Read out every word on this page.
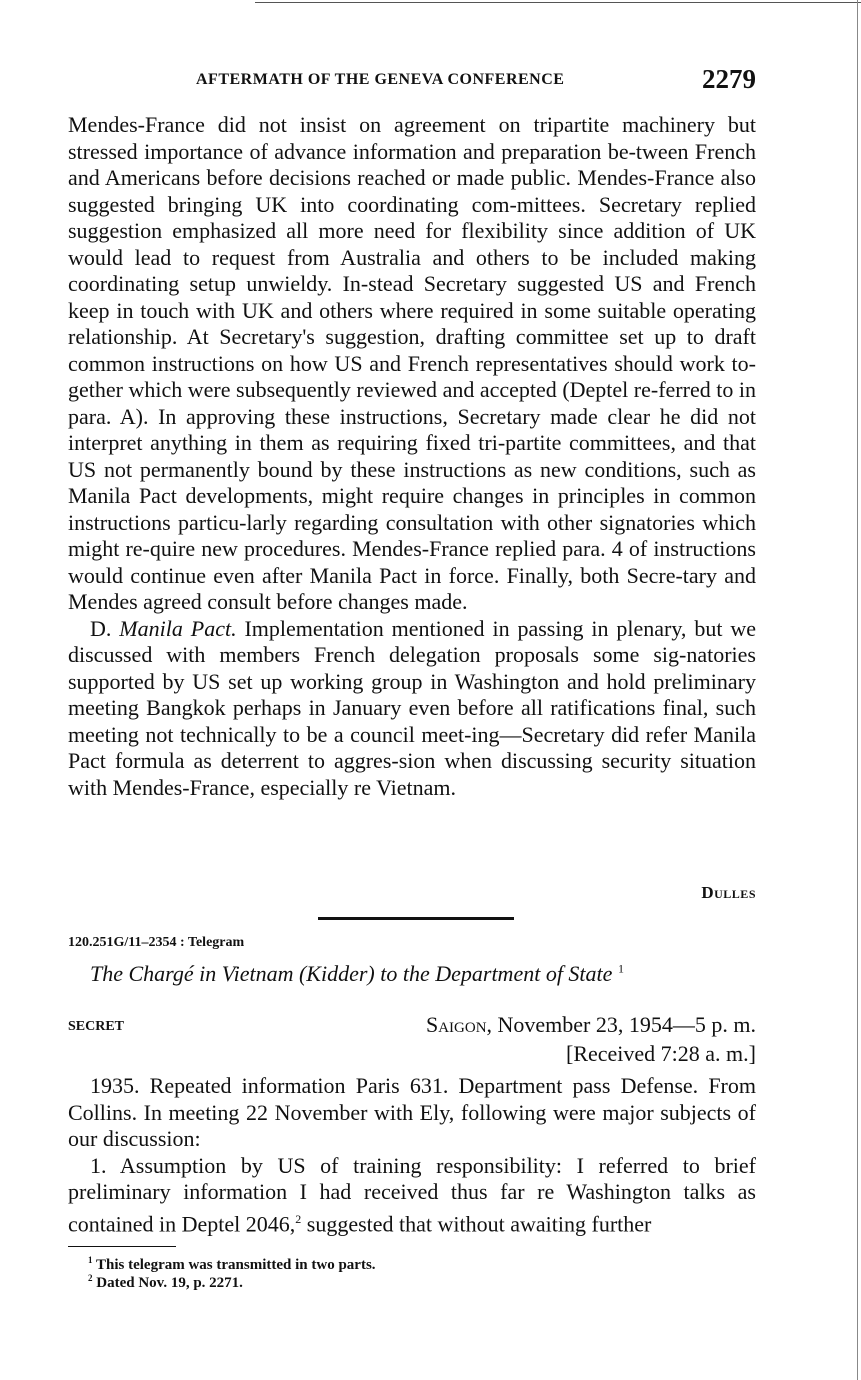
AFTERMATH OF THE GENEVA CONFERENCE	2279

Mendes-France did not insist on agreement on tripartite machinery but stressed importance of advance information and preparation be-tween French and Americans before decisions reached or made public. Mendes-France also suggested bringing UK into coordinating com-mittees. Secretary replied suggestion emphasized all more need for flexibility since addition of UK would lead to request from Australia and others to be included making coordinating setup unwieldy. In-stead Secretary suggested US and French keep in touch with UK and others where required in some suitable operating relationship. At Secretary's suggestion, drafting committee set up to draft common instructions on how US and French representatives should work to-gether which were subsequently reviewed and accepted (Deptel re-ferred to in para. A). In approving these instructions, Secretary made clear he did not interpret anything in them as requiring fixed tri-partite committees, and that US not permanently bound by these instructions as new conditions, such as Manila Pact developments, might require changes in principles in common instructions particu-larly regarding consultation with other signatories which might re-quire new procedures. Mendes-France replied para. 4 of instructions would continue even after Manila Pact in force. Finally, both Secre-tary and Mendes agreed consult before changes made.

D. Manila Pact. Implementation mentioned in passing in plenary, but we discussed with members French delegation proposals some sig-natories supported by US set up working group in Washington and hold preliminary meeting Bangkok perhaps in January even before all ratifications final, such meeting not technically to be a council meet-ing—Secretary did refer Manila Pact formula as deterrent to aggres-sion when discussing security situation with Mendes-France, especially re Vietnam.

Dulles
120.251G/11–2354 : Telegram
The Chargé in Vietnam (Kidder) to the Department of State $^1$
SECRET	Saigon, November 23, 1954—5 p. m.
[Received 7:28 a. m.]

1935. Repeated information Paris 631. Department pass Defense. From Collins. In meeting 22 November with Ely, following were major subjects of our discussion:

1. Assumption by US of training responsibility: I referred to brief preliminary information I had received thus far re Washington talks as contained in Deptel 2046,$^2$ suggested that without awaiting further

$^1$ This telegram was transmitted in two parts.
$^2$ Dated Nov. 19, p. 2271.
